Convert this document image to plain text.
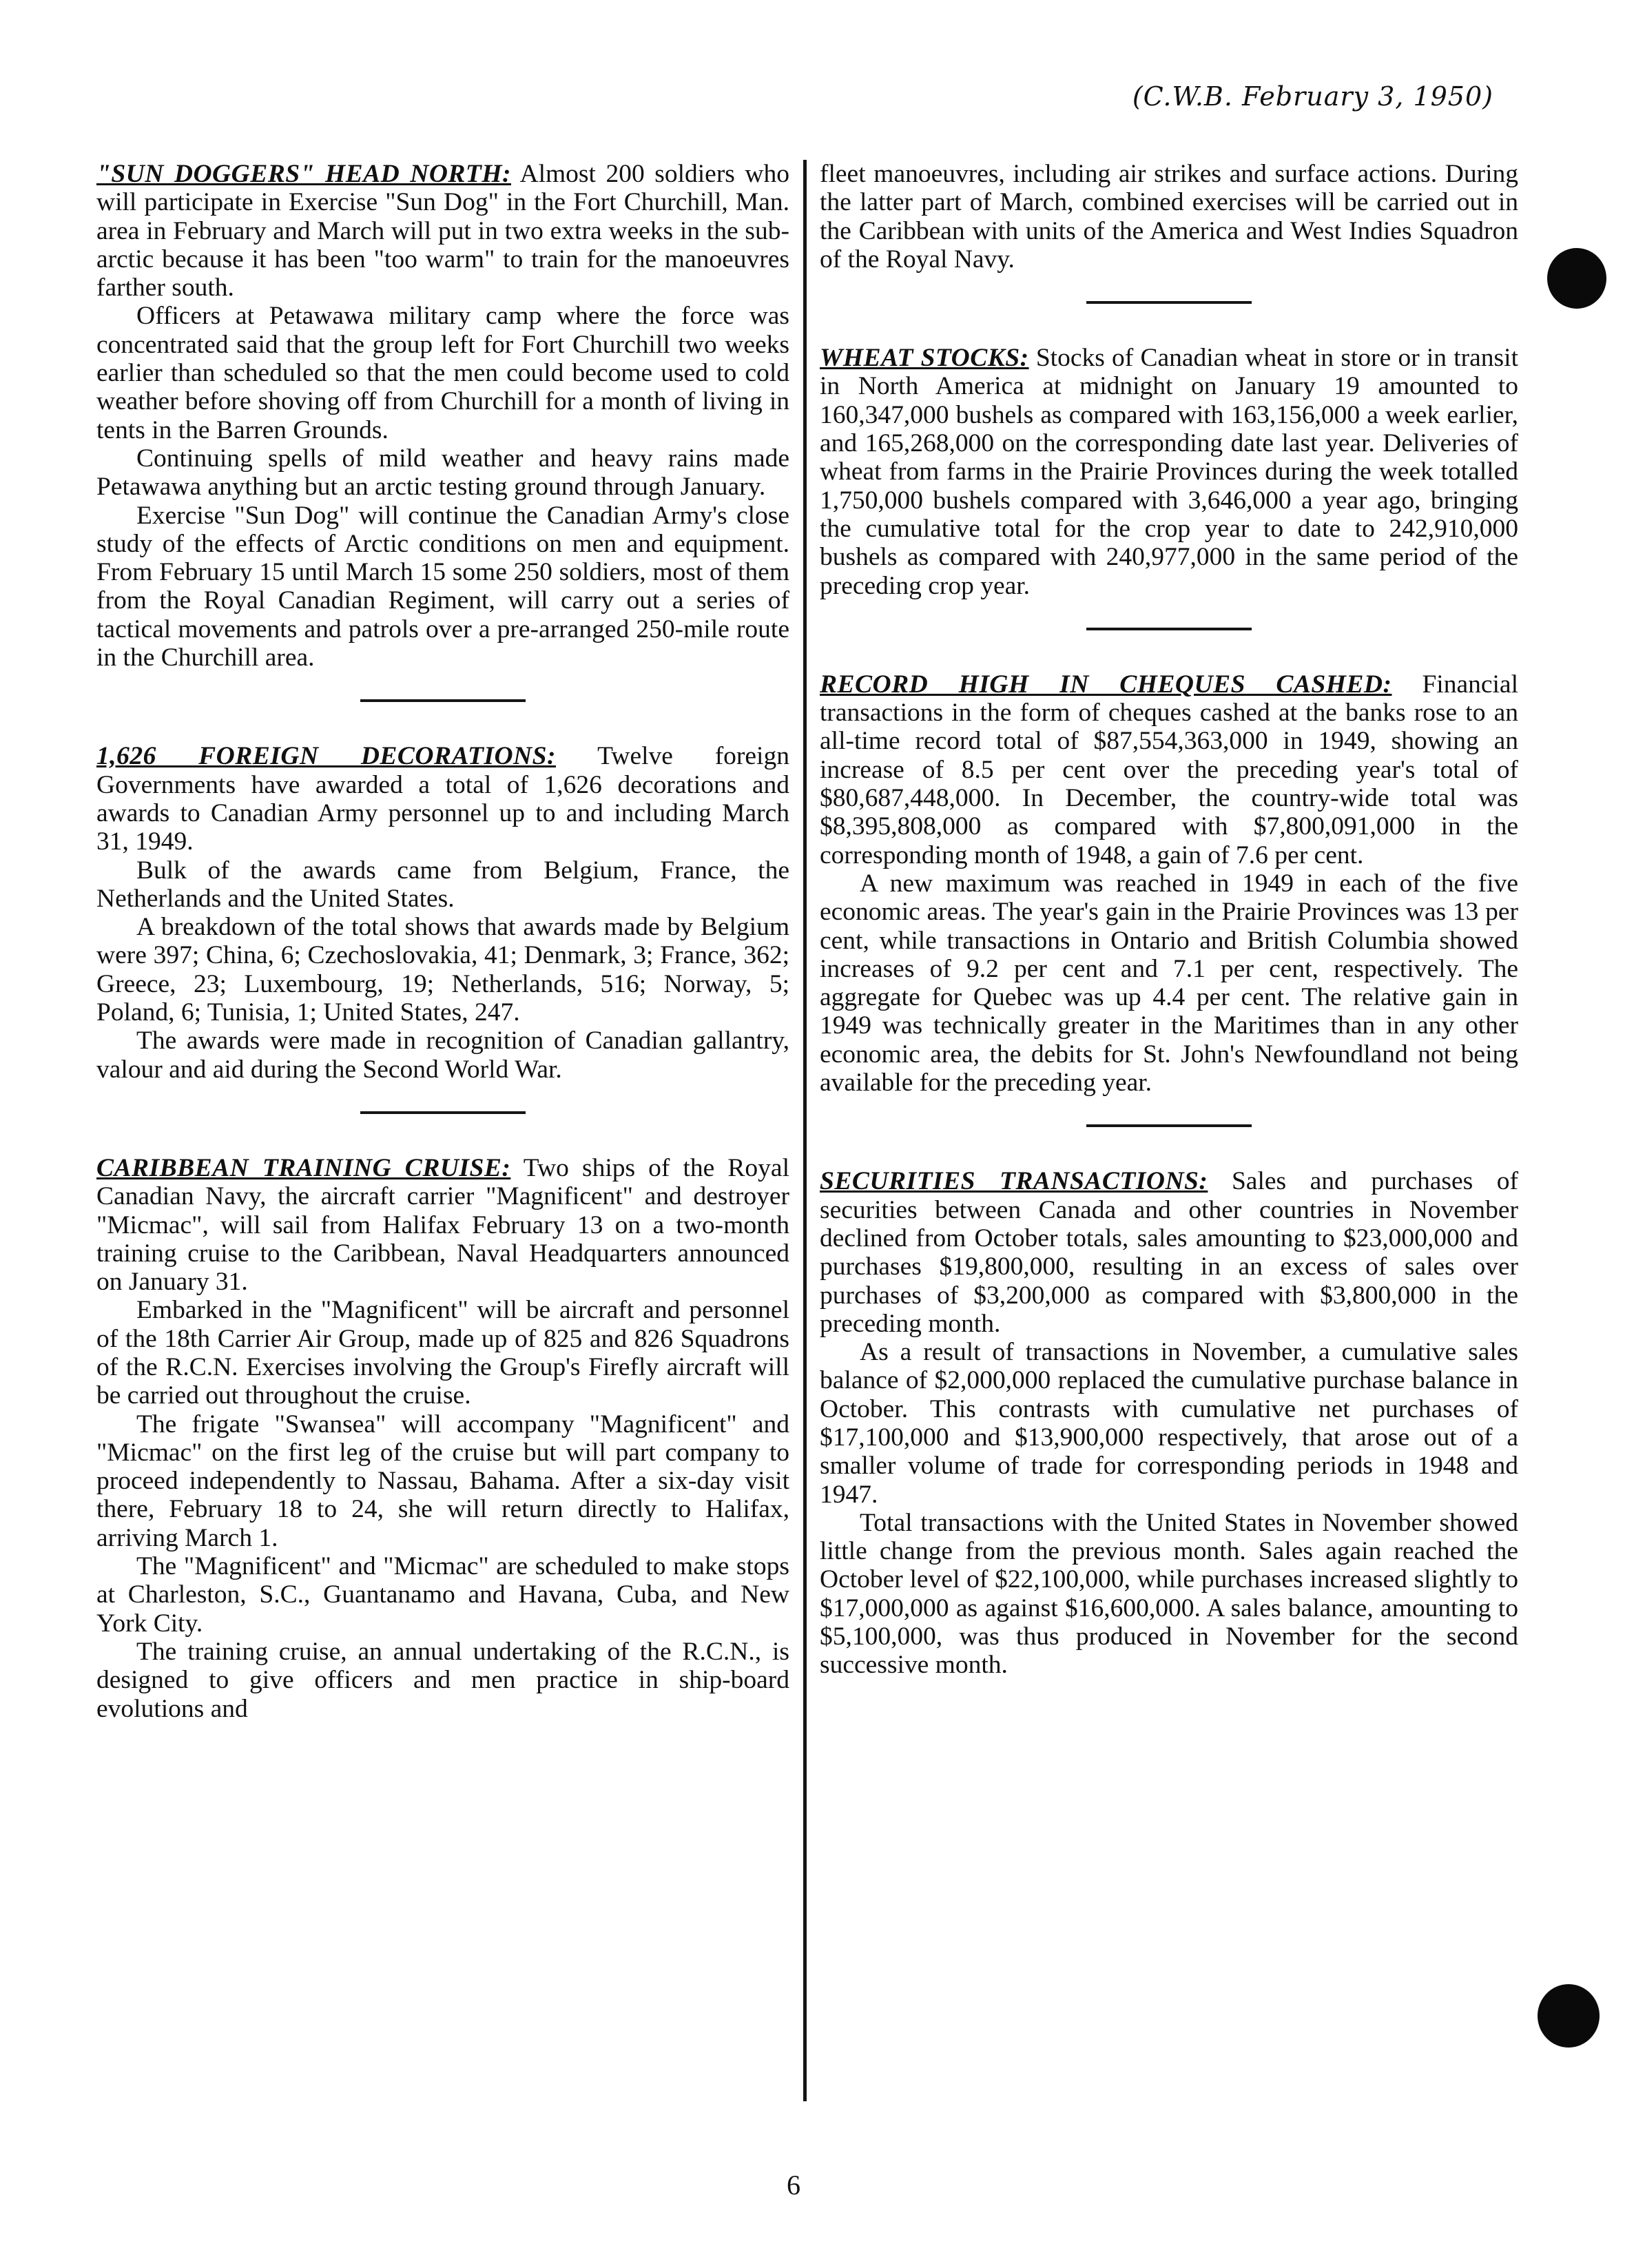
(C.W.B. February 3, 1950)

"SUN DOGGERS" HEAD NORTH: Almost 200 soldiers who will participate in Exercise "Sun Dog" in the Fort Churchill, Man. area in February and March will put in two extra weeks in the sub-arctic because it has been "too warm" to train for the manoeuvres farther south.

Officers at Petawawa military camp where the force was concentrated said that the group left for Fort Churchill two weeks earlier than scheduled so that the men could become used to cold weather before shoving off from Churchill for a month of living in tents in the Barren Grounds.

Continuing spells of mild weather and heavy rains made Petawawa anything but an arctic testing ground through January.

Exercise "Sun Dog" will continue the Canadian Army's close study of the effects of Arctic conditions on men and equipment. From February 15 until March 15 some 250 soldiers, most of them from the Royal Canadian Regiment, will carry out a series of tactical movements and patrols over a pre-arranged 250-mile route in the Churchill area.

1,626 FOREIGN DECORATIONS: Twelve foreign Governments have awarded a total of 1,626 decorations and awards to Canadian Army personnel up to and including March 31, 1949.

Bulk of the awards came from Belgium, France, the Netherlands and the United States.

A breakdown of the total shows that awards made by Belgium were 397; China, 6; Czechoslovakia, 41; Denmark, 3; France, 362; Greece, 23; Luxembourg, 19; Netherlands, 516; Norway, 5; Poland, 6; Tunisia, 1; United States, 247.

The awards were made in recognition of Canadian gallantry, valour and aid during the Second World War.

CARIBBEAN TRAINING CRUISE: Two ships of the Royal Canadian Navy, the aircraft carrier "Magnificent" and destroyer "Micmac", will sail from Halifax February 13 on a two-month training cruise to the Caribbean, Naval Headquarters announced on January 31.

Embarked in the "Magnificent" will be aircraft and personnel of the 18th Carrier Air Group, made up of 825 and 826 Squadrons of the R.C.N. Exercises involving the Group's Firefly aircraft will be carried out throughout the cruise.

The frigate "Swansea" will accompany "Magnificent" and "Micmac" on the first leg of the cruise but will part company to proceed independently to Nassau, Bahama. After a six-day visit there, February 18 to 24, she will return directly to Halifax, arriving March 1.

The "Magnificent" and "Micmac" are scheduled to make stops at Charleston, S.C., Guantanamo and Havana, Cuba, and New York City.

The training cruise, an annual undertaking of the R.C.N., is designed to give officers and men practice in ship-board evolutions and

fleet manoeuvres, including air strikes and surface actions. During the latter part of March, combined exercises will be carried out in the Caribbean with units of the America and West Indies Squadron of the Royal Navy.

WHEAT STOCKS: Stocks of Canadian wheat in store or in transit in North America at midnight on January 19 amounted to 160,347,000 bushels as compared with 163,156,000 a week earlier, and 165,268,000 on the corresponding date last year. Deliveries of wheat from farms in the Prairie Provinces during the week totalled 1,750,000 bushels compared with 3,646,000 a year ago, bringing the cumulative total for the crop year to date to 242,910,000 bushels as compared with 240,977,000 in the same period of the preceding crop year.

RECORD HIGH IN CHEQUES CASHED: Financial transactions in the form of cheques cashed at the banks rose to an all-time record total of $87,554,363,000 in 1949, showing an increase of 8.5 per cent over the preceding year's total of $80,687,448,000. In December, the country-wide total was $8,395,808,000 as compared with $7,800,091,000 in the corresponding month of 1948, a gain of 7.6 per cent.

A new maximum was reached in 1949 in each of the five economic areas. The year's gain in the Prairie Provinces was 13 per cent, while transactions in Ontario and British Columbia showed increases of 9.2 per cent and 7.1 per cent, respectively. The aggregate for Quebec was up 4.4 per cent. The relative gain in 1949 was technically greater in the Maritimes than in any other economic area, the debits for St. John's Newfoundland not being available for the preceding year.

SECURITIES TRANSACTIONS: Sales and purchases of securities between Canada and other countries in November declined from October totals, sales amounting to $23,000,000 and purchases $19,800,000, resulting in an excess of sales over purchases of $3,200,000 as compared with $3,800,000 in the preceding month.

As a result of transactions in November, a cumulative sales balance of $2,000,000 replaced the cumulative purchase balance in October. This contrasts with cumulative net purchases of $17,100,000 and $13,900,000 respectively, that arose out of a smaller volume of trade for corresponding periods in 1948 and 1947.

Total transactions with the United States in November showed little change from the previous month. Sales again reached the October level of $22,100,000, while purchases increased slightly to $17,000,000 as against $16,600,000. A sales balance, amounting to $5,100,000, was thus produced in November for the second successive month.

6
